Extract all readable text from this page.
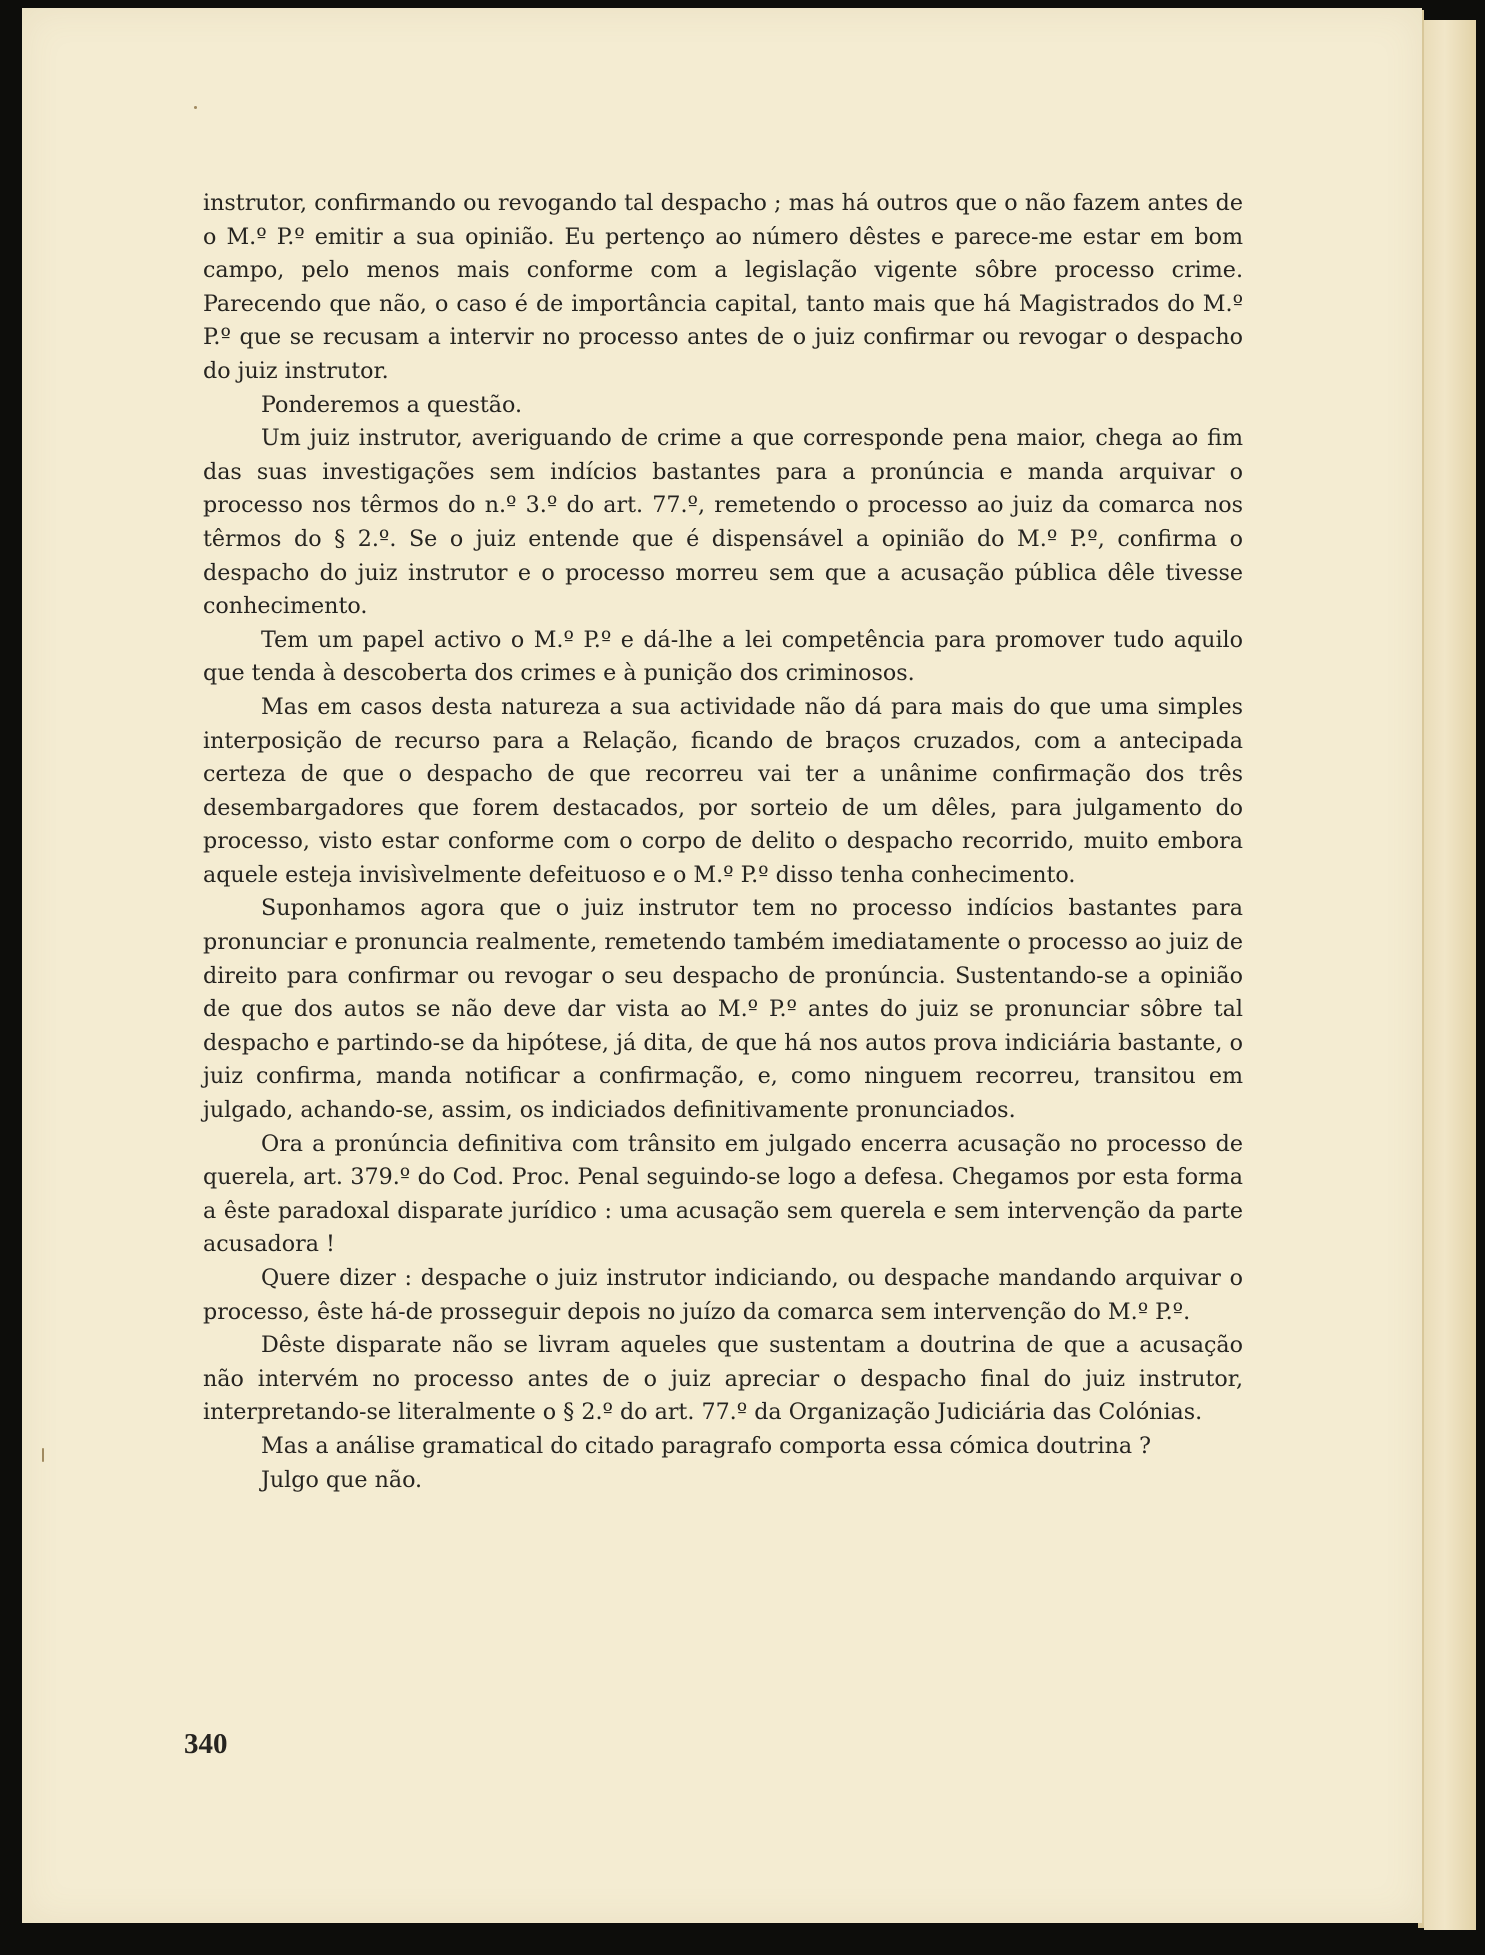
instrutor, confirmando ou revogando tal despacho ; mas há outros que o não fazem antes de o M.º P.º emitir a sua opinião. Eu pertenço ao número dêstes e parece-me estar em bom campo, pelo menos mais conforme com a legislação vigente sôbre processo crime. Parecendo que não, o caso é de importância capital, tanto mais que há Magistrados do M.º P.º que se recusam a intervir no processo antes de o juiz confirmar ou revogar o despacho do juiz instrutor.

Ponderemos a questão.

Um juiz instrutor, averiguando de crime a que corresponde pena maior, chega ao fim das suas investigações sem indícios bastantes para a pronúncia e manda arquivar o processo nos têrmos do n.º 3.º do art. 77.º, remetendo o processo ao juiz da comarca nos têrmos do § 2.º. Se o juiz entende que é dispensável a opinião do M.º P.º, confirma o despacho do juiz instrutor e o processo morreu sem que a acusação pública dêle tivesse conhecimento.

Tem um papel activo o M.º P.º e dá-lhe a lei competência para promover tudo aquilo que tenda à descoberta dos crimes e à punição dos criminosos.

Mas em casos desta natureza a sua actividade não dá para mais do que uma simples interposição de recurso para a Relação, ficando de braços cruzados, com a antecipada certeza de que o despacho de que recorreu vai ter a unânime confirmação dos três desembargadores que forem destacados, por sorteio de um dêles, para julgamento do processo, visto estar conforme com o corpo de delito o despacho recorrido, muito embora aquele esteja invisìvelmente defeituoso e o M.º P.º disso tenha conhecimento.

Suponhamos agora que o juiz instrutor tem no processo indícios bastantes para pronunciar e pronuncia realmente, remetendo também imediatamente o processo ao juiz de direito para confirmar ou revogar o seu despacho de pronúncia. Sustentando-se a opinião de que dos autos se não deve dar vista ao M.º P.º antes do juiz se pronunciar sôbre tal despacho e partindo-se da hipótese, já dita, de que há nos autos prova indiciária bastante, o juiz confirma, manda notificar a confirmação, e, como ninguem recorreu, transitou em julgado, achando-se, assim, os indiciados definitivamente pronunciados.

Ora a pronúncia definitiva com trânsito em julgado encerra acusação no processo de querela, art. 379.º do Cod. Proc. Penal seguindo-se logo a defesa. Chegamos por esta forma a êste paradoxal disparate jurídico : uma acusação sem querela e sem intervenção da parte acusadora !

Quere dizer : despache o juiz instrutor indiciando, ou despache mandando arquivar o processo, êste há-de prosseguir depois no juízo da comarca sem intervenção do M.º P.º.

Dêste disparate não se livram aqueles que sustentam a doutrina de que a acusação não intervém no processo antes de o juiz apreciar o despacho final do juiz instrutor, interpretando-se literalmente o § 2.º do art. 77.º da Organização Judiciária das Colónias.

Mas a análise gramatical do citado paragrafo comporta essa cómica doutrina ?

Julgo que não.

340
